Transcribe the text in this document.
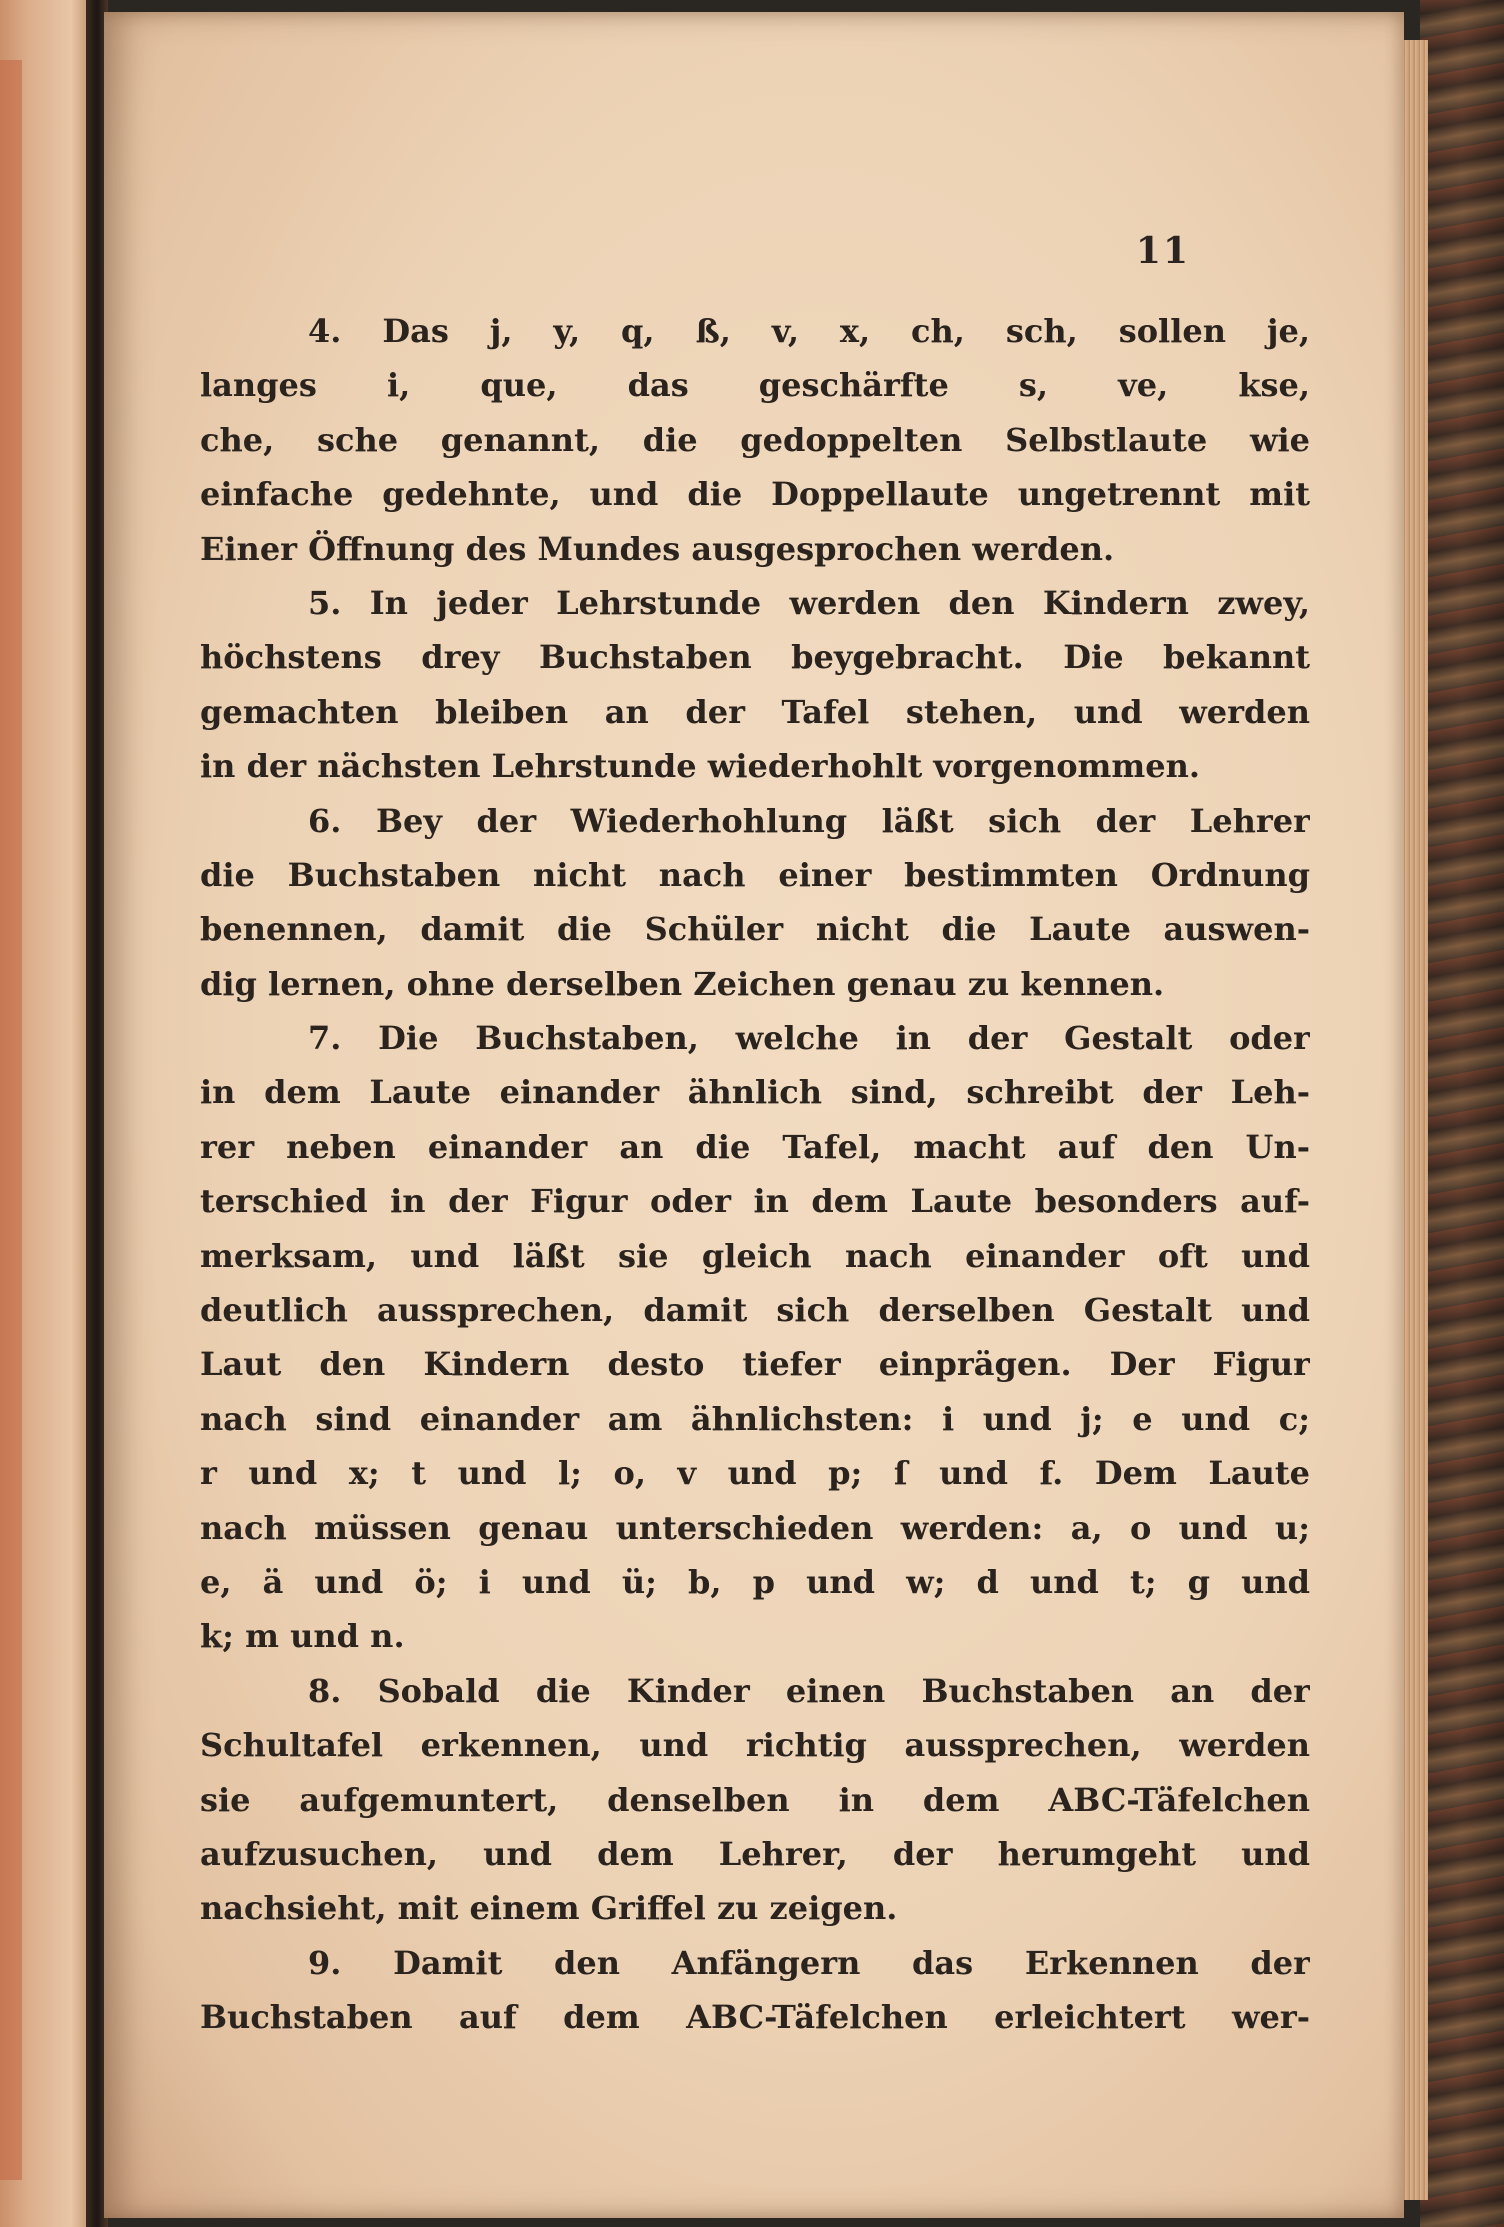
11
4. Das j, y, q, ß, v, x, ch, sch, sollen je,
langes i, que, das geschärfte s, ve, kse,
che, sche genannt, die gedoppelten Selbstlaute wie
einfache gedehnte, und die Doppellaute ungetrennt mit
Einer Öffnung des Mundes ausgesprochen werden.
5. In jeder Lehrstunde werden den Kindern zwey,
höchstens drey Buchstaben beygebracht. Die bekannt
gemachten bleiben an der Tafel stehen, und werden
in der nächsten Lehrstunde wiederhohlt vorgenommen.
6. Bey der Wiederhohlung läßt sich der Lehrer
die Buchstaben nicht nach einer bestimmten Ordnung
benennen, damit die Schüler nicht die Laute auswen-
dig lernen, ohne derselben Zeichen genau zu kennen.
7. Die Buchstaben, welche in der Gestalt oder
in dem Laute einander ähnlich sind, schreibt der Leh-
rer neben einander an die Tafel, macht auf den Un-
terschied in der Figur oder in dem Laute besonders auf-
merksam, und läßt sie gleich nach einander oft und
deutlich aussprechen, damit sich derselben Gestalt und
Laut den Kindern desto tiefer einprägen. Der Figur
nach sind einander am ähnlichsten: i und j; e und c;
r und x; t und l; o, v und p; ſ und f. Dem Laute
nach müssen genau unterschieden werden: a, o und u;
e, ä und ö; i und ü; b, p und w; d und t; g und
k; m und n.
8. Sobald die Kinder einen Buchstaben an der
Schultafel erkennen, und richtig aussprechen, werden
sie aufgemuntert, denselben in dem ABC-Täfelchen
aufzusuchen, und dem Lehrer, der herumgeht und
nachsieht, mit einem Griffel zu zeigen.
9. Damit den Anfängern das Erkennen der
Buchstaben auf dem ABC-Täfelchen erleichtert wer-
